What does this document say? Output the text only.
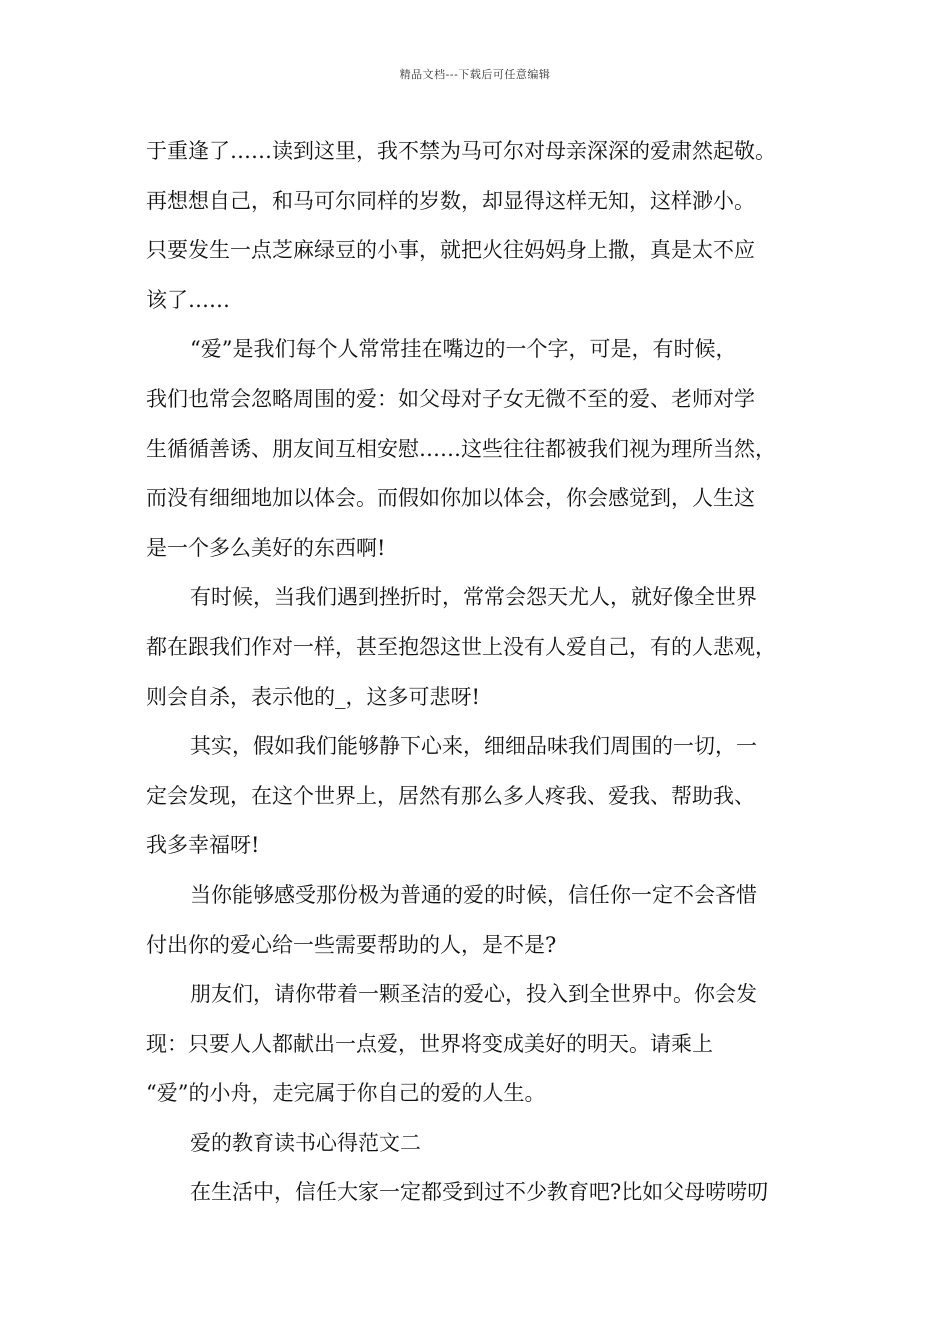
精品文档---下载后可任意编辑

于重逢了……读到这里，我不禁为马可尔对母亲深深的爱肃然起敬。

再想想自己，和马可尔同样的岁数，却显得这样无知，这样渺小。

只要发生一点芝麻绿豆的小事，就把火往妈妈身上撒，真是太不应

该了……

“爱”是我们每个人常常挂在嘴边的一个字，可是，有时候，

我们也常会忽略周围的爱：如父母对子女无微不至的爱、老师对学

生循循善诱、朋友间互相安慰……这些往往都被我们视为理所当然，

而没有细细地加以体会。而假如你加以体会，你会感觉到，人生这

是一个多么美好的东西啊!

有时候，当我们遇到挫折时，常常会怨天尤人，就好像全世界

都在跟我们作对一样，甚至抱怨这世上没有人爱自己，有的人悲观，

则会自杀，表示他的_，这多可悲呀!

其实，假如我们能够静下心来，细细品味我们周围的一切，一

定会发现，在这个世界上，居然有那么多人疼我、爱我、帮助我、

我多幸福呀!

当你能够感受那份极为普通的爱的时候，信任你一定不会吝惜

付出你的爱心给一些需要帮助的人，是不是?

朋友们，请你带着一颗圣洁的爱心，投入到全世界中。你会发

现：只要人人都献出一点爱，世界将变成美好的明天。请乘上

“爱”的小舟，走完属于你自己的爱的人生。

爱的教育读书心得范文二

在生活中，信任大家一定都受到过不少教育吧?比如父母唠唠叨
